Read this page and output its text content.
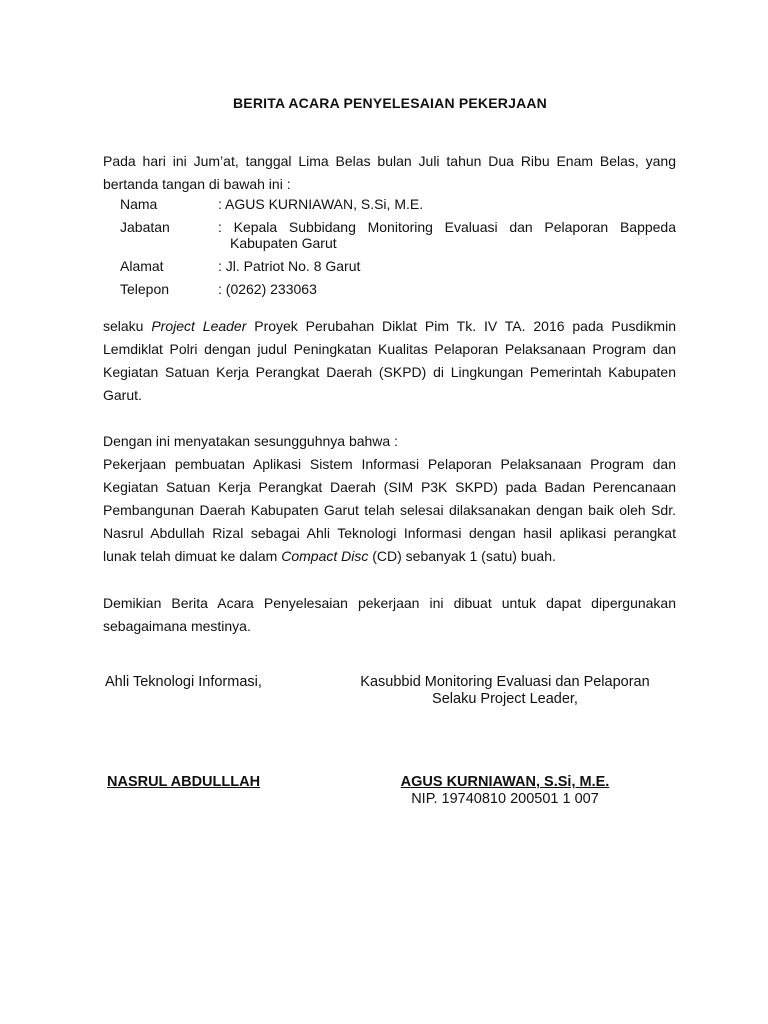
BERITA ACARA PENYELESAIAN PEKERJAAN
Pada hari ini Jum’at, tanggal Lima Belas bulan Juli tahun Dua Ribu Enam Belas, yang bertanda tangan di bawah ini :
Nama	: AGUS KURNIAWAN, S.Si, M.E.
Jabatan	: Kepala Subbidang Monitoring Evaluasi dan Pelaporan Bappeda
Kabupaten Garut
Alamat	: Jl. Patriot No. 8 Garut
Telepon	: (0262) 233063
selaku Project Leader Proyek Perubahan Diklat Pim Tk. IV TA. 2016 pada Pusdikmin Lemdiklat Polri dengan judul Peningkatan Kualitas Pelaporan Pelaksanaan Program dan Kegiatan Satuan Kerja Perangkat Daerah (SKPD) di Lingkungan Pemerintah Kabupaten Garut.
Dengan ini menyatakan sesungguhnya bahwa :
Pekerjaan pembuatan Aplikasi Sistem Informasi Pelaporan Pelaksanaan Program dan Kegiatan Satuan Kerja Perangkat Daerah (SIM P3K SKPD) pada Badan Perencanaan Pembangunan Daerah Kabupaten Garut telah selesai dilaksanakan dengan baik oleh Sdr. Nasrul Abdullah Rizal sebagai Ahli Teknologi Informasi dengan hasil aplikasi perangkat lunak telah dimuat ke dalam Compact Disc (CD) sebanyak 1 (satu) buah.
Demikian Berita Acara Penyelesaian pekerjaan ini dibuat untuk dapat dipergunakan sebagaimana mestinya.
Ahli Teknologi Informasi,	Kasubbid Monitoring Evaluasi dan Pelaporan
Selaku Project Leader,
NASRUL ABDULLLAH	AGUS KURNIAWAN, S.Si, M.E.
NIP. 19740810 200501 1 007
